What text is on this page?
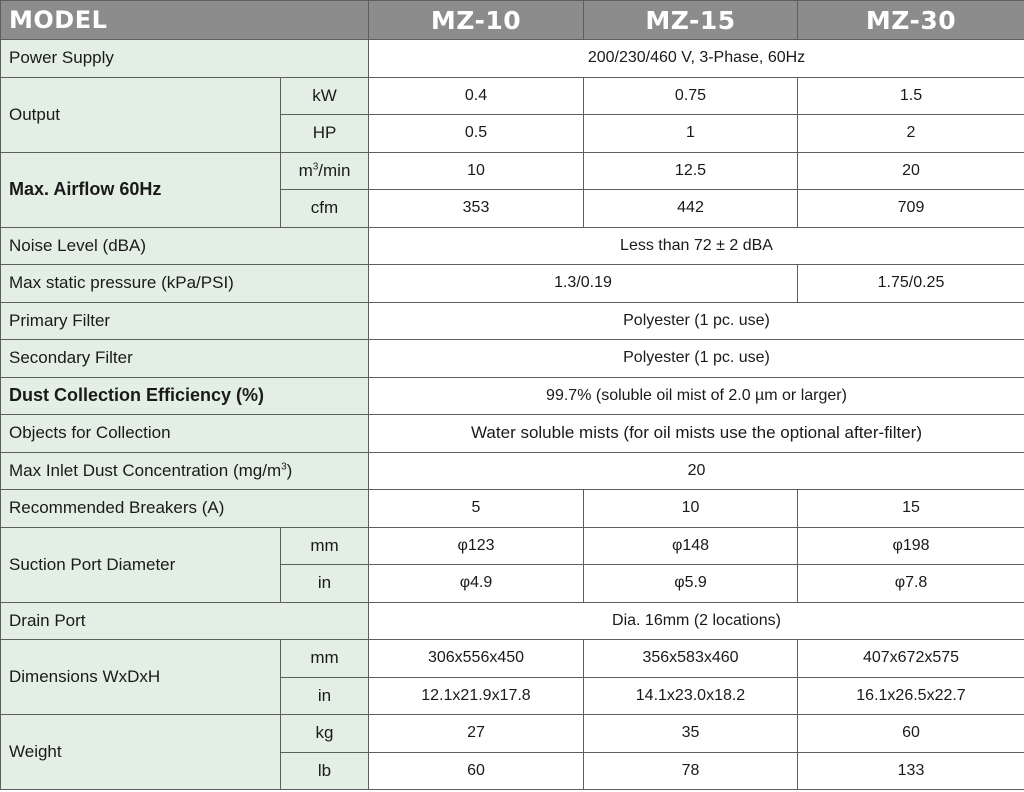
MODEL		MZ-10	MZ-15	MZ-30
Power Supply		200/230/460 V, 3-Phase, 60Hz		
Output	kW	0.4	0.75	1.5
	HP	0.5	1	2
Max. Airflow 60Hz	$m^3/\min$	10	12.5	20
	cfm	353	442	709
Noise Level (dBA)		Less than 72 ± 2 dBA		
Max static pressure (kPa/PSI)		1.3/0.19		1.75/0.25
Primary Filter		Polyester (1 pc. use)		
Secondary Filter		Polyester (1 pc. use)		
Dust Collection Efficiency (%)		99.7% (soluble oil mist of 2.0 µm or larger)		
Objects for Collection		Water soluble mists (for oil mists use the optional after-filter)		
Max Inlet Dust Concentration $(mg/m^3)$		20		
Recommended Breakers (A)		5	10	15
Suction Port Diameter	mm	φ123	φ148	φ198
	in	φ4.9	φ5.9	φ7.8
Drain Port		Dia. 16mm (2 locations)		
Dimensions WxDxH	mm	306x556x450	356x583x460	407x672x575
	in	12.1x21.9x17.8	14.1x23.0x18.2	16.1x26.5x22.7
Weight	kg	27	35	60
	lb	60	78	133
